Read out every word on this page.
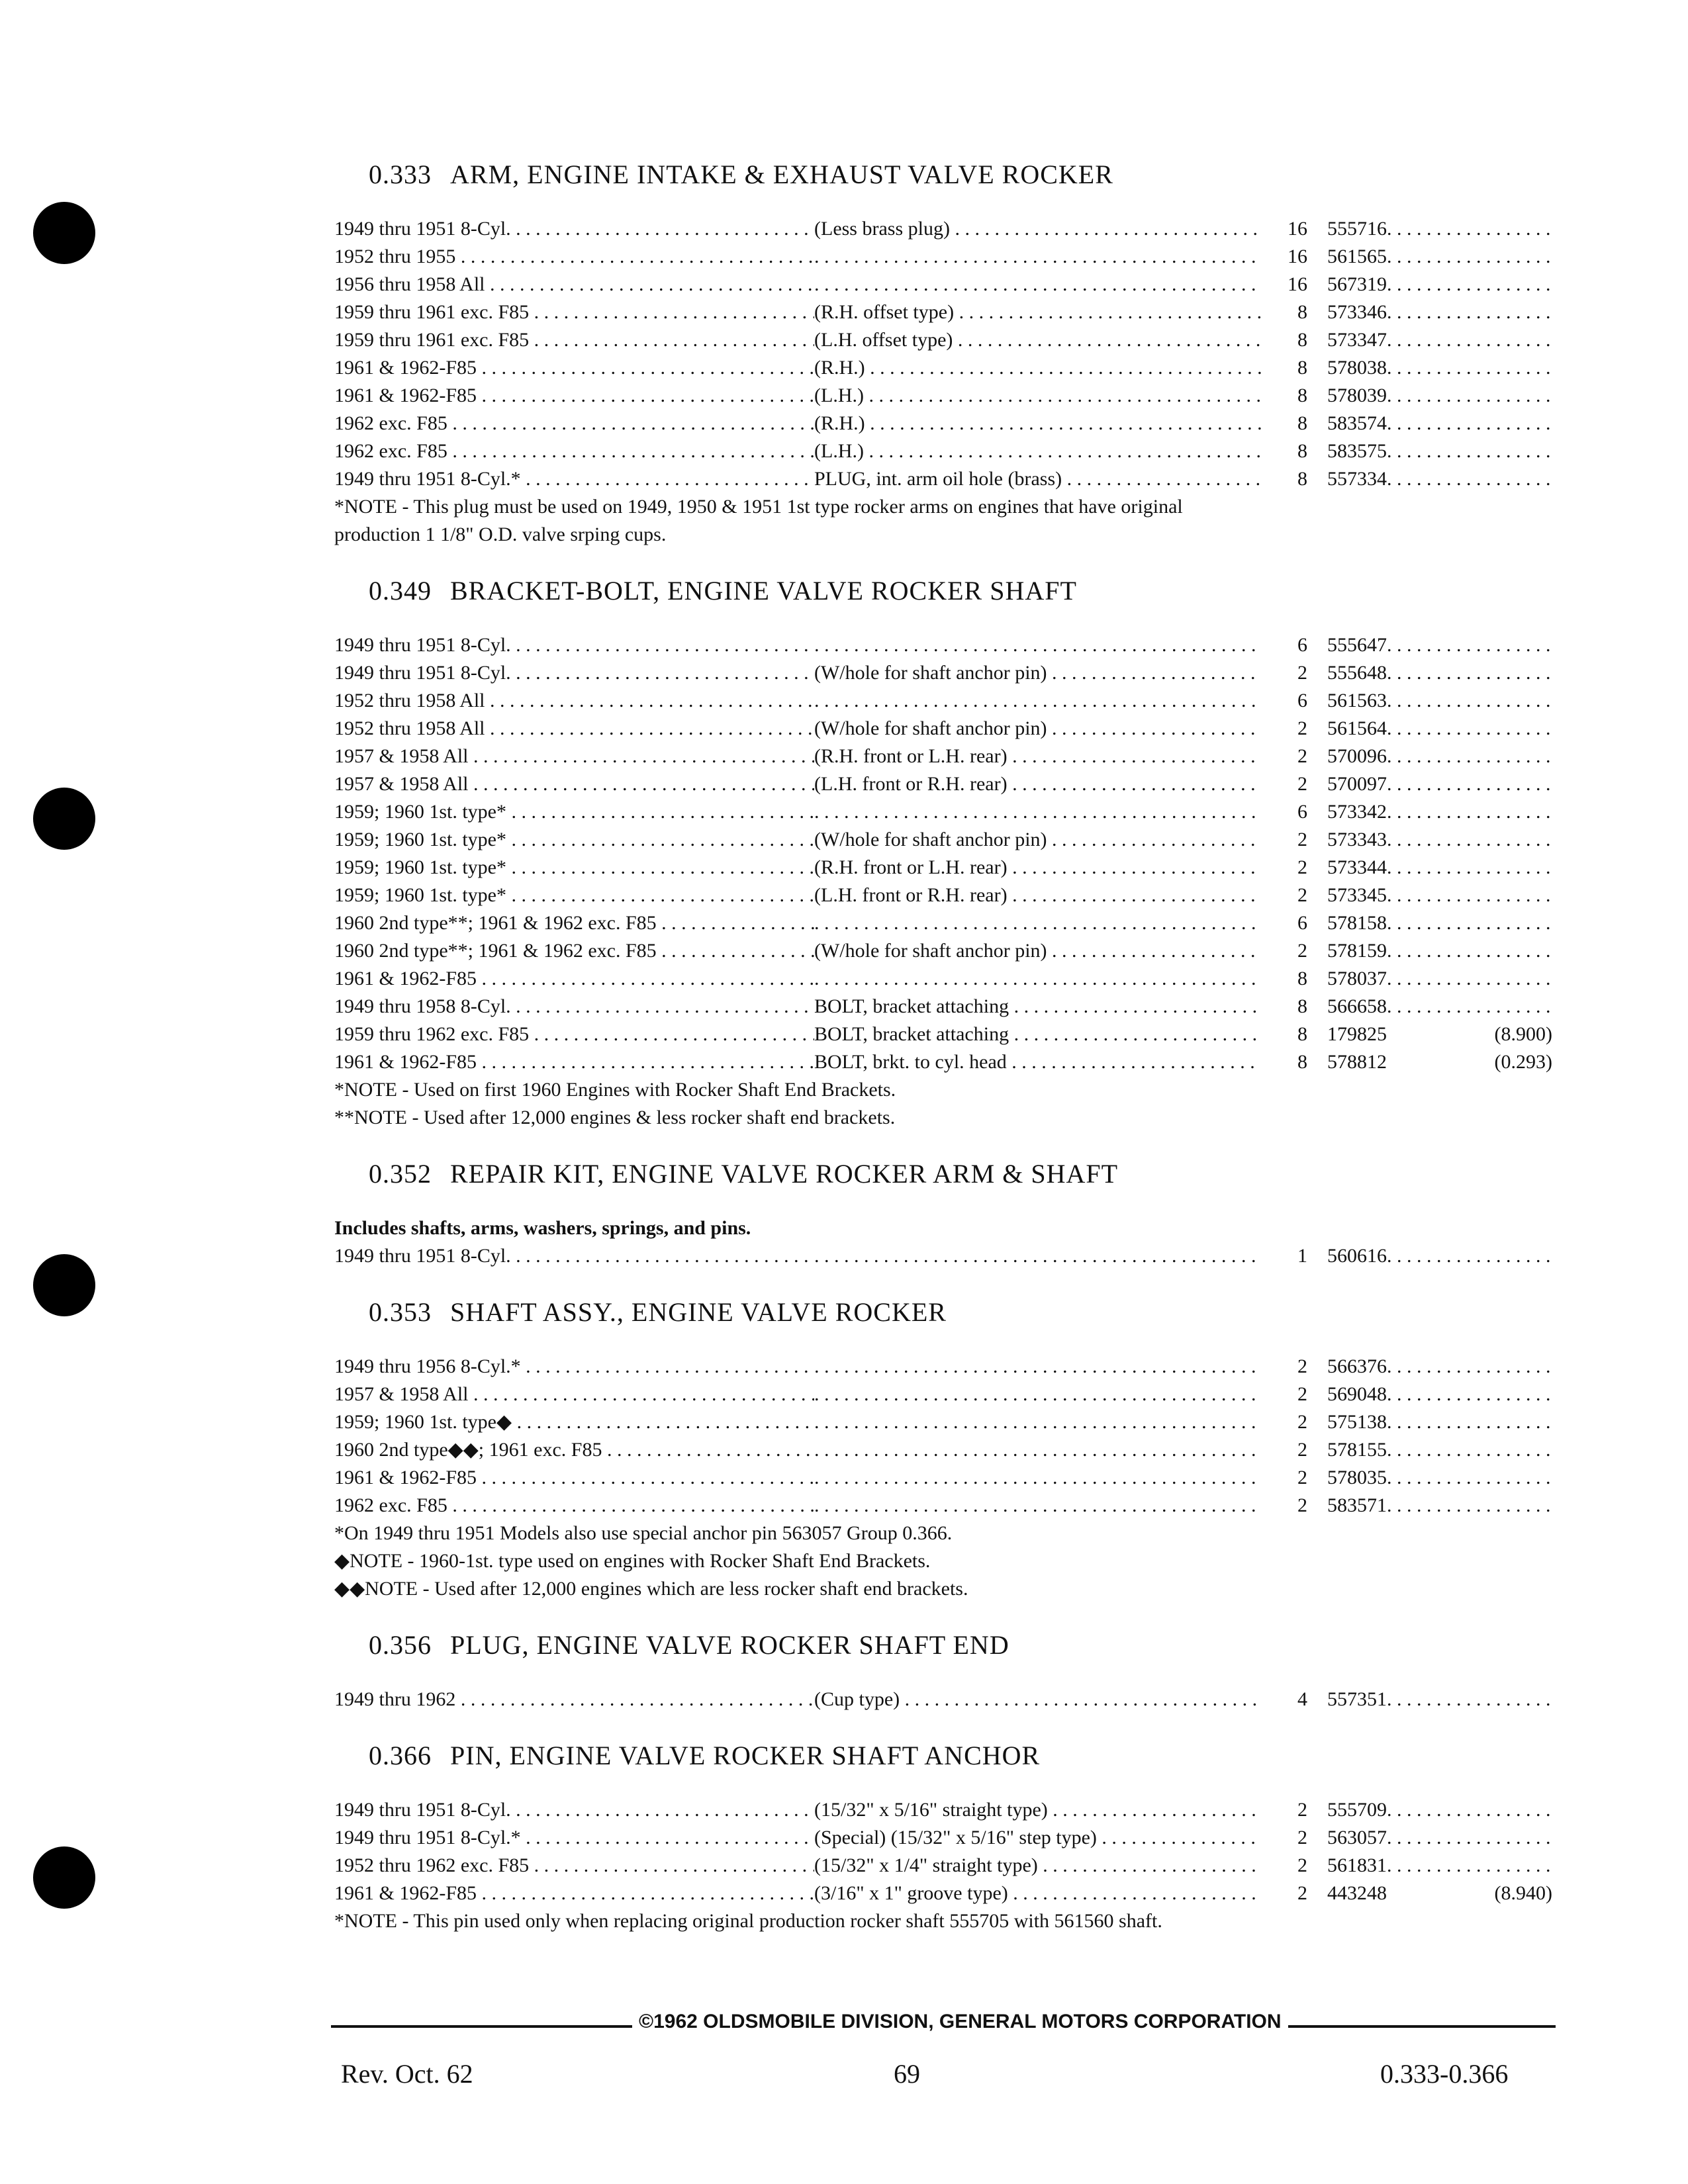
0.333 ARM, ENGINE INTAKE & EXHAUST VALVE ROCKER
1949 thru 1951 8-Cyl. . . .	(Less brass plug) . . .	16	555716
. . .
1952 thru 1955 . . . . . .	16	561565
. . .
1956 thru 1958 All . . . . . .	16	567319
. . .
1959 thru 1961 exc. F85 . . .	(R.H. offset type) . . .	8	573346
. . .
1959 thru 1961 exc. F85 . . .	(L.H. offset type) . . .	8	573347
. . .
1961 & 1962-F85 . . .	(R.H.) . . .	8	578038
. . .
1961 & 1962-F85 . . .	(L.H.) . . .	8	578039
. . .
1962 exc. F85 . . .	(R.H.) . . .	8	583574
. . .
1962 exc. F85 . . .	(L.H.) . . .	8	583575
. . .
1949 thru 1951 8-Cyl.* . . .	PLUG, int. arm oil hole (brass) . . .	8	557334
. . .
*NOTE - This plug must be used on 1949, 1950 & 1951 1st type rocker arms on engines that have original
production 1 1/8" O.D. valve srping cups.
0.349 BRACKET-BOLT, ENGINE VALVE ROCKER SHAFT
1949 thru 1951 8-Cyl. . . . . . .	6	555647
. . .
1949 thru 1951 8-Cyl. . . .	(W/hole for shaft anchor pin) . . .	2	555648
. . .
1952 thru 1958 All . . . . . .	6	561563
. . .
1952 thru 1958 All . . .	(W/hole for shaft anchor pin) . . .	2	561564
. . .
1957 & 1958 All . . .	(R.H. front or L.H. rear) . . .	2	570096
. . .
1957 & 1958 All . . .	(L.H. front or R.H. rear) . . .	2	570097
. . .
1959; 1960 1st. type* . . . . . .	6	573342
. . .
1959; 1960 1st. type* . . .	(W/hole for shaft anchor pin) . . .	2	573343
. . .
1959; 1960 1st. type* . . .	(R.H. front or L.H. rear) . . .	2	573344
. . .
1959; 1960 1st. type* . . .	(L.H. front or R.H. rear) . . .	2	573345
. . .
1960 2nd type**; 1961 & 1962 exc. F85 . . . . . .	6	578158
. . .
1960 2nd type**; 1961 & 1962 exc. F85 . . .	(W/hole for shaft anchor pin) . . .	2	578159
. . .
1961 & 1962-F85 . . . . . .	8	578037
. . .
1949 thru 1958 8-Cyl. . . .	BOLT, bracket attaching . . .	8	566658
. . .
1959 thru 1962 exc. F85 . . .	BOLT, bracket attaching . . .	8	179825	(8.900)
1961 & 1962-F85 . . .	BOLT, brkt. to cyl. head . . .	8	578812	(0.293)
*NOTE - Used on first 1960 Engines with Rocker Shaft End Brackets.
**NOTE - Used after 12,000 engines & less rocker shaft end brackets.
0.352 REPAIR KIT, ENGINE VALVE ROCKER ARM & SHAFT
Includes shafts, arms, washers, springs, and pins.
1949 thru 1951 8-Cyl. . . . . . .	1	560616
. . .
0.353 SHAFT ASSY., ENGINE VALVE ROCKER
1949 thru 1956 8-Cyl.* . . . . . .	2	566376
. . .
1957 & 1958 All . . . . . .	2	569048
. . .
1959; 1960 1st. type◆ . . . . . .	2	575138
. . .
1960 2nd type◆◆; 1961 exc. F85 . . . . . .	2	578155
. . .
1961 & 1962-F85 . . . . . .	2	578035
. . .
1962 exc. F85 . . . . . .	2	583571
. . .
*On 1949 thru 1951 Models also use special anchor pin 563057 Group 0.366.
◆NOTE - 1960-1st. type used on engines with Rocker Shaft End Brackets.
◆◆NOTE - Used after 12,000 engines which are less rocker shaft end brackets.
0.356 PLUG, ENGINE VALVE ROCKER SHAFT END
1949 thru 1962 . . .	(Cup type) . . .	4	557351
. . .
0.366 PIN, ENGINE VALVE ROCKER SHAFT ANCHOR
1949 thru 1951 8-Cyl. . . .	(15/32" x 5/16" straight type) . . .	2	555709
. . .
1949 thru 1951 8-Cyl.* . . .	(Special) (15/32" x 5/16" step type) . . .	2	563057
. . .
1952 thru 1962 exc. F85 . . .	(15/32" x 1/4" straight type) . . .	2	561831
. . .
1961 & 1962-F85 . . .	(3/16" x 1" groove type) . . .	2	443248	(8.940)
*NOTE - This pin used only when replacing original production rocker shaft 555705 with 561560 shaft.
©1962 OLDSMOBILE DIVISION, GENERAL MOTORS CORPORATION
Rev. Oct. 62	69	0.333-0.366
